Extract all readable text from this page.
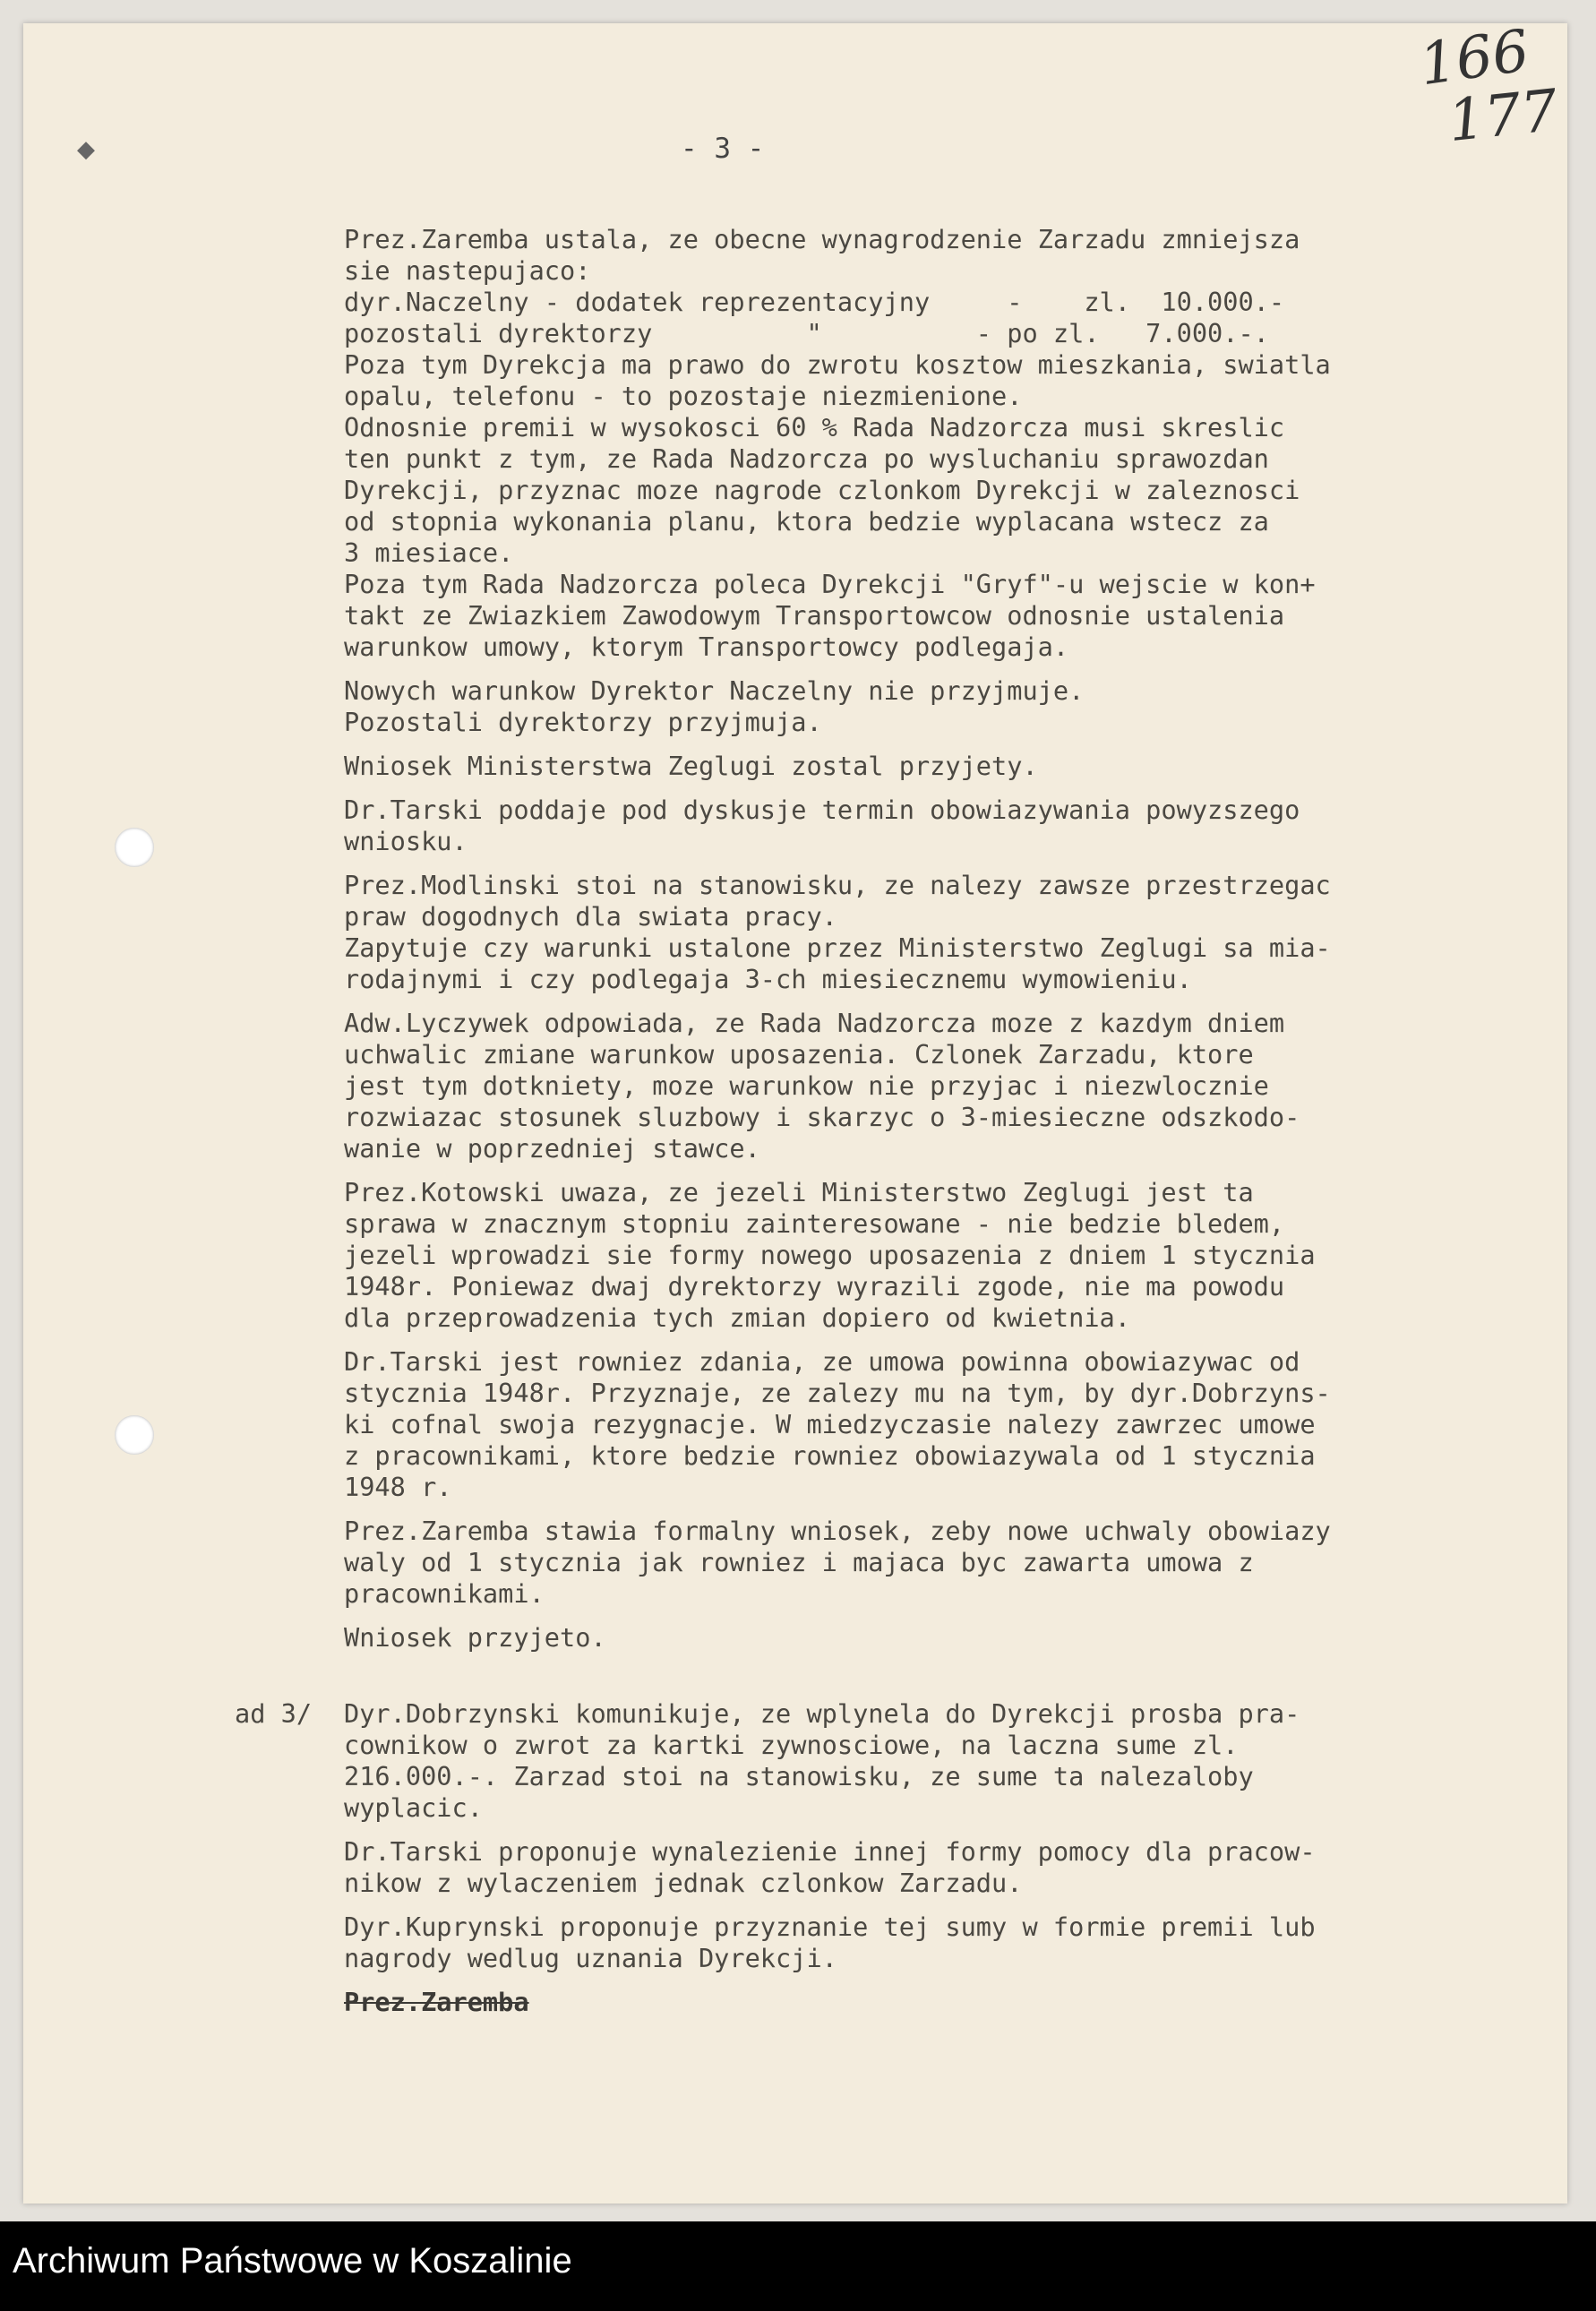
◆
166
177
- 3 -
Prez.Zaremba ustala, ze obecne wynagrodzenie Zarzadu zmniejsza
sie nastepujaco:
dyr.Naczelny - dodatek reprezentacyjny     -    zl.  10.000.-
pozostali dyrektorzy          "          - po zl.   7.000.-.
Poza tym Dyrekcja ma prawo do zwrotu kosztow mieszkania, swiatla
opalu, telefonu - to pozostaje niezmienione.
Odnosnie premii w wysokosci 60 % Rada Nadzorcza musi skreslic
ten punkt z tym, ze Rada Nadzorcza po wysluchaniu sprawozdan
Dyrekcji, przyznac moze nagrode czlonkom Dyrekcji w zaleznosci
od stopnia wykonania planu, ktora bedzie wyplacana wstecz za
3 miesiace.
Poza tym Rada Nadzorcza poleca Dyrekcji "Gryf"-u wejscie w kon+
takt ze Zwiazkiem Zawodowym Transportowcow odnosnie ustalenia
warunkow umowy, ktorym Transportowcy podlegaja.
Nowych warunkow Dyrektor Naczelny nie przyjmuje.
Pozostali dyrektorzy przyjmuja.
Wniosek Ministerstwa Zeglugi zostal przyjety.
Dr.Tarski poddaje pod dyskusje termin obowiazywania powyzszego
wniosku.
Prez.Modlinski stoi na stanowisku, ze nalezy zawsze przestrzegac
praw dogodnych dla swiata pracy.
Zapytuje czy warunki ustalone przez Ministerstwo Zeglugi sa mia-
rodajnymi i czy podlegaja 3-ch miesiecznemu wymowieniu.
Adw.Lyczywek odpowiada, ze Rada Nadzorcza moze z kazdym dniem
uchwalic zmiane warunkow uposazenia. Czlonek Zarzadu, ktore
jest tym dotkniety, moze warunkow nie przyjac i niezwlocznie
rozwiazac stosunek sluzbowy i skarzyc o 3-miesieczne odszkodo-
wanie w poprzedniej stawce.
Prez.Kotowski uwaza, ze jezeli Ministerstwo Zeglugi jest ta
sprawa w znacznym stopniu zainteresowane - nie bedzie bledem,
jezeli wprowadzi sie formy nowego uposazenia z dniem 1 stycznia
1948r. Poniewaz dwaj dyrektorzy wyrazili zgode, nie ma powodu
dla przeprowadzenia tych zmian dopiero od kwietnia.
Dr.Tarski jest rowniez zdania, ze umowa powinna obowiazywac od
stycznia 1948r. Przyznaje, ze zalezy mu na tym, by dyr.Dobrzyns-
ki cofnal swoja rezygnacje. W miedzyczasie nalezy zawrzec umowe
z pracownikami, ktore bedzie rowniez obowiazywala od 1 stycznia
1948 r.
Prez.Zaremba stawia formalny wniosek, zeby nowe uchwaly obowiazy
waly od 1 stycznia jak rowniez i majaca byc zawarta umowa z
pracownikami.
Wniosek przyjeto.
ad 3/ Dyr.Dobrzynski komunikuje, ze wplynela do Dyrekcji prosba pra-
cownikow o zwrot za kartki zywnosciowe, na laczna sume zl.
216.000.-. Zarzad stoi na stanowisku, ze sume ta nalezaloby
wyplacic.
Dr.Tarski proponuje wynalezienie innej formy pomocy dla pracow-
nikow z wylaczeniem jednak czlonkow Zarzadu.
Dyr.Kuprynski proponuje przyznanie tej sumy w formie premii lub
nagrody wedlug uznania Dyrekcji.
Prez.Zaremba
Archiwum Państwowe w Koszalinie
